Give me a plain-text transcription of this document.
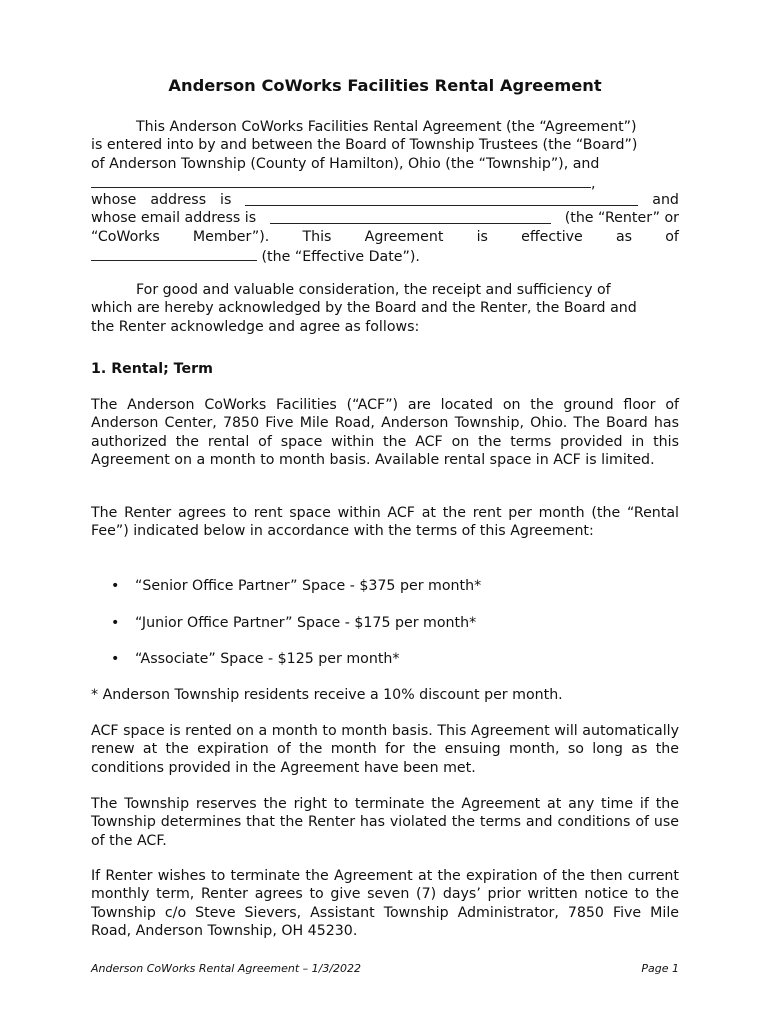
Anderson CoWorks Facilities Rental Agreement
This Anderson CoWorks Facilities Rental Agreement (the “Agreement”)
is entered into by and between the Board of Township Trustees (the “Board”)
of Anderson Township (County of Hamilton), Ohio (the “Township”), and
,
whose address is	and
whose email address is	(the “Renter” or
“CoWorks Member”). This Agreement is effective as of
(the “Effective Date”).
For good and valuable consideration, the receipt and sufficiency of
which are hereby acknowledged by the Board and the Renter, the Board and
the Renter acknowledge and agree as follows:
1. Rental; Term
The Anderson CoWorks Facilities (“ACF”) are located on the ground floor of Anderson Center, 7850 Five Mile Road, Anderson Township, Ohio. The Board has authorized the rental of space within the ACF on the terms provided in this Agreement on a month to month basis. Available rental space in ACF is limited.
The Renter agrees to rent space within ACF at the rent per month (the “Rental Fee”) indicated below in accordance with the terms of this Agreement:
• “Senior Office Partner” Space - $375 per month*
• “Junior Office Partner” Space - $175 per month*
• “Associate” Space - $125 per month*
* Anderson Township residents receive a 10% discount per month.
ACF space is rented on a month to month basis. This Agreement will automatically renew at the expiration of the month for the ensuing month, so long as the conditions provided in the Agreement have been met.
The Township reserves the right to terminate the Agreement at any time if the Township determines that the Renter has violated the terms and conditions of use of the ACF.
If Renter wishes to terminate the Agreement at the expiration of the then current monthly term, Renter agrees to give seven (7) days’ prior written notice to the Township c/o Steve Sievers, Assistant Township Administrator, 7850 Five Mile Road, Anderson Township, OH 45230.
Anderson CoWorks Rental Agreement – 1/3/2022	Page 1
